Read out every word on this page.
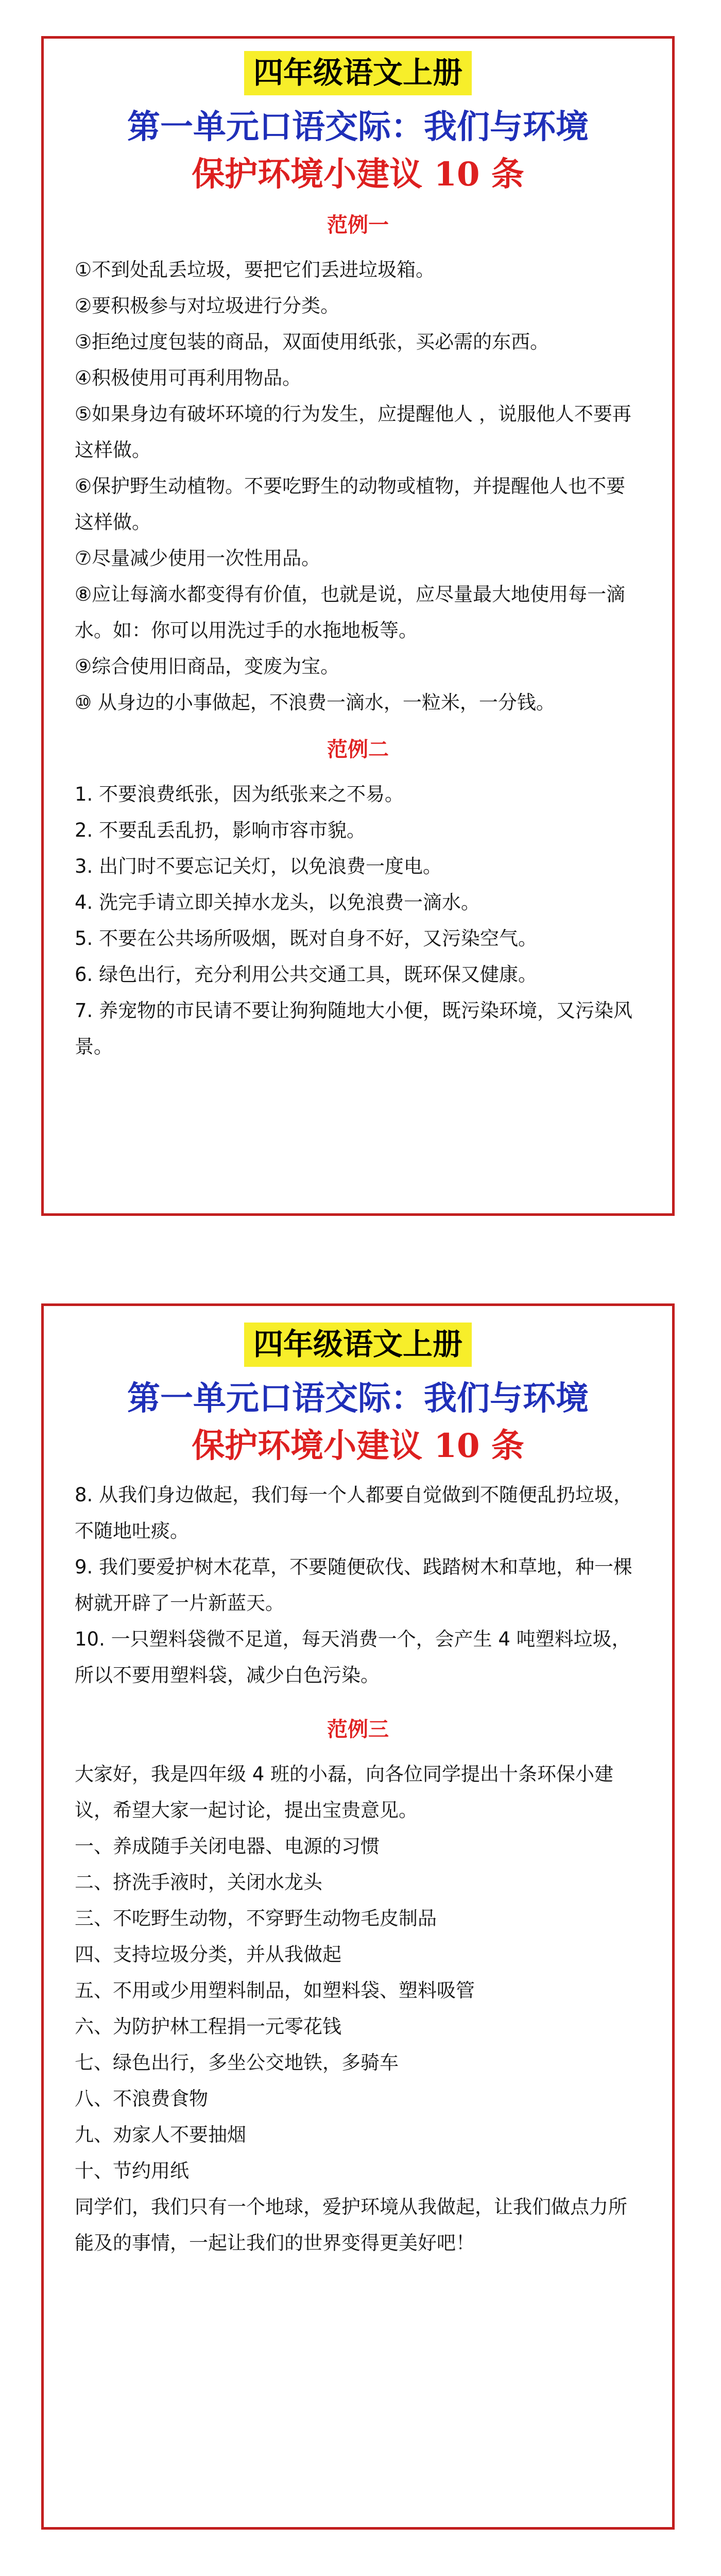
四年级语文上册
第一单元口语交际：我们与环境
保护环境小建议 10 条
范例一
①不到处乱丢垃圾，要把它们丢进垃圾箱。
②要积极参与对垃圾进行分类。
③拒绝过度包装的商品，双面使用纸张，买必需的东西。
④积极使用可再利用物品。
⑤如果身边有破坏环境的行为发生，应提醒他人 ，说服他人不要再这样做。
⑥保护野生动植物。不要吃野生的动物或植物，并提醒他人也不要这样做。
⑦尽量减少使用一次性用品。
⑧应让每滴水都变得有价值，也就是说，应尽量最大地使用每一滴水。如：你可以用洗过手的水拖地板等。
⑨综合使用旧商品，变废为宝。
⑩ 从身边的小事做起，不浪费一滴水，一粒米，一分钱。
范例二
1. 不要浪费纸张，因为纸张来之不易。
2. 不要乱丢乱扔，影响市容市貌。
3. 出门时不要忘记关灯，以免浪费一度电。
4. 洗完手请立即关掉水龙头，以免浪费一滴水。
5. 不要在公共场所吸烟，既对自身不好，又污染空气。
6. 绿色出行，充分利用公共交通工具，既环保又健康。
7. 养宠物的市民请不要让狗狗随地大小便，既污染环境，又污染风景。
四年级语文上册
第一单元口语交际：我们与环境
保护环境小建议 10 条
8. 从我们身边做起，我们每一个人都要自觉做到不随便乱扔垃圾，不随地吐痰。
9. 我们要爱护树木花草，不要随便砍伐、践踏树木和草地，种一棵树就开辟了一片新蓝天。
10. 一只塑料袋微不足道，每天消费一个，会产生 4 吨塑料垃圾，所以不要用塑料袋，减少白色污染。
范例三

大家好，我是四年级 4 班的小磊，向各位同学提出十条环保小建议，希望大家一起讨论，提出宝贵意见。

一、养成随手关闭电器、电源的习惯
二、挤洗手液时，关闭水龙头
三、不吃野生动物，不穿野生动物毛皮制品
四、支持垃圾分类，并从我做起
五、不用或少用塑料制品，如塑料袋、塑料吸管
六、为防护林工程捐一元零花钱
七、绿色出行，多坐公交地铁，多骑车
八、不浪费食物
九、劝家人不要抽烟
十、节约用纸

同学们，我们只有一个地球，爱护环境从我做起，让我们做点力所能及的事情，一起让我们的世界变得更美好吧！
